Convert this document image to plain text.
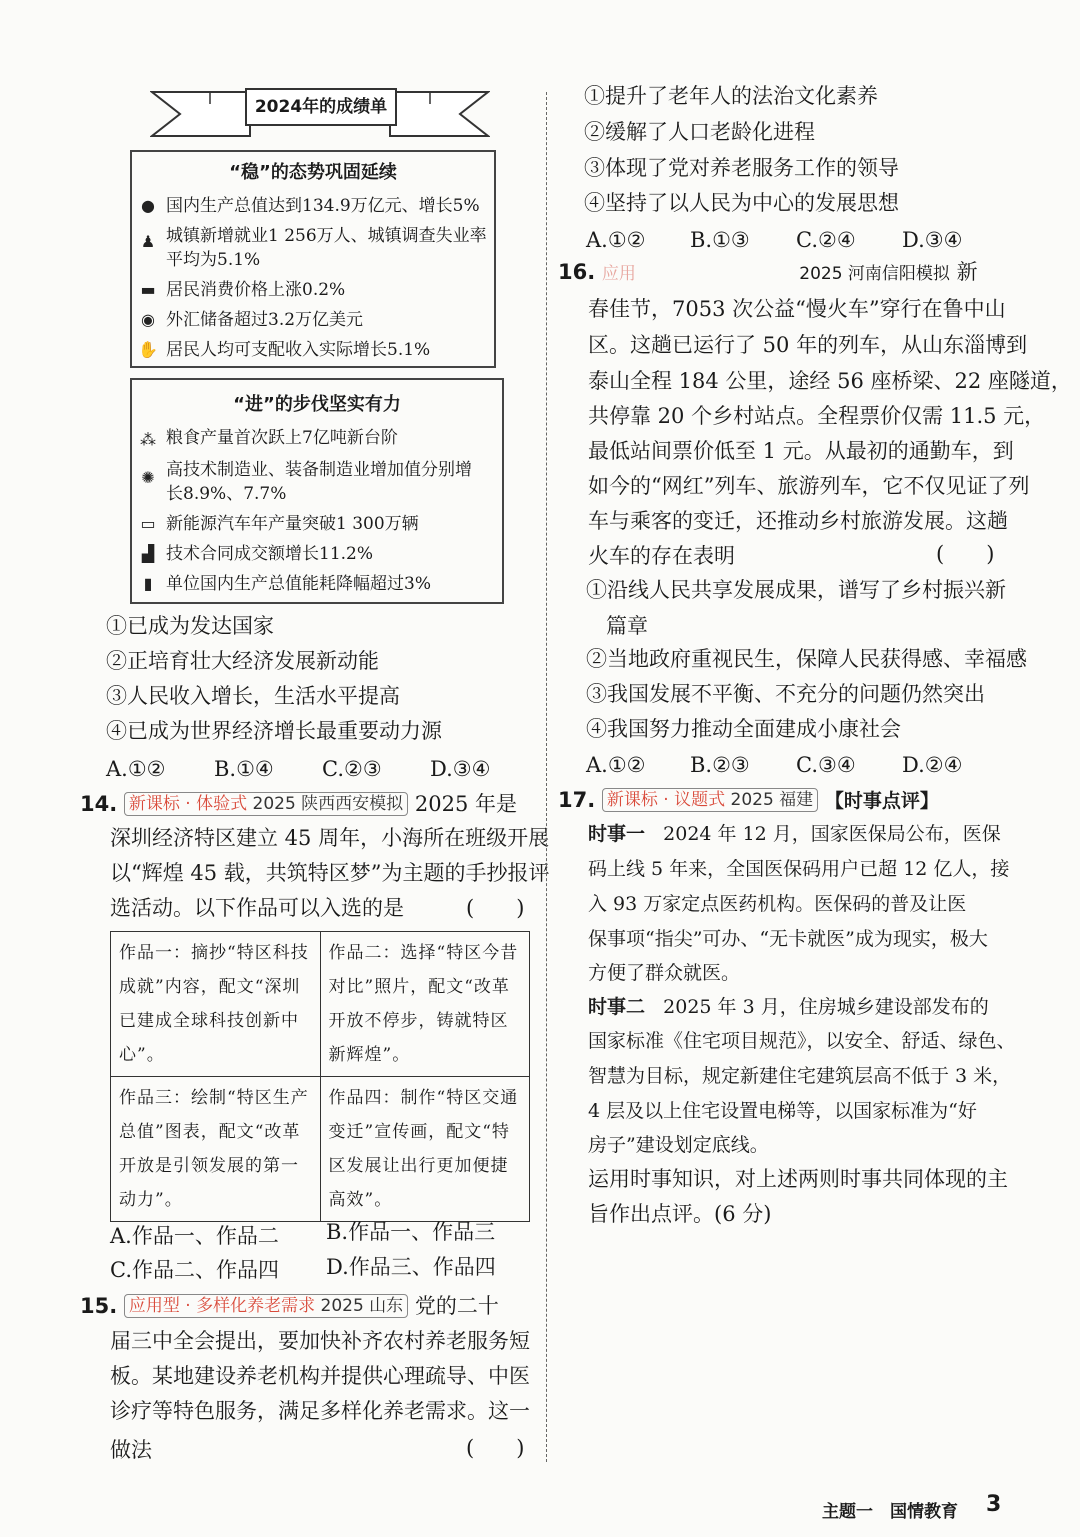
2024年的成绩单
“稳”的态势巩固延续
● 国内生产总值达到134.9万亿元、增长5%
♟ 城镇新增就业1 256万人、城镇调查失业率
平均为5.1%
▬ 居民消费价格上涨0.2%
◉ 外汇储备超过3.2万亿美元
✋ 居民人均可支配收入实际增长5.1%
“进”的步伐坚实有力
⁂ 粮食产量首次跃上7亿吨新台阶
✺ 高技术制造业、装备制造业增加值分别增
长8.9%、7.7%
▭ 新能源汽车年产量突破1 300万辆
▟ 技术合同成交额增长11.2%
▮ 单位国内生产总值能耗降幅超过3%
①已成为发达国家
②正培育壮大经济发展新动能
③人民收入增长，生活水平提高
④已成为世界经济增长最重要动力源
A.①② B.①④ C.②③ D.③④
14. 新课标 · 体验式 2025 陕西西安模拟 2025 年是
深圳经济特区建立 45 周年，小海所在班级开展
以“辉煌 45 载，共筑特区梦”为主题的手抄报评
选活动。以下作品可以入选的是	(　　)
作品一：摘抄“特区科技成就”内容，配文“深圳已建成全球科技创新中心”。	作品二：选择“特区今昔对比”照片，配文“改革开放不停步，铸就特区新辉煌”。
作品三：绘制“特区生产总值”图表，配文“改革开放是引领发展的第一动力”。	作品四：制作“特区交通变迁”宣传画，配文“特区发展让出行更加便捷高效”。
A.作品一、作品二 B.作品一、作品三
C.作品二、作品四 D.作品三、作品四
15. 应用型 · 多样化养老需求 2025 山东 党的二十
届三中全会提出，要加快补齐农村养老服务短
板。某地建设养老机构并提供心理疏导、中医
诊疗等特色服务，满足多样化养老需求。这一
做法	(　　)
①提升了老年人的法治文化素养
②缓解了人口老龄化进程
③体现了党对养老服务工作的领导
④坚持了以人民为中心的发展思想
A.①② B.①③ C.②④ D.③④
16. 应用	2025 河南信阳模拟 新
春佳节，7053 次公益“慢火车”穿行在鲁中山
区。这趟已运行了 50 年的列车，从山东淄博到
泰山全程 184 公里，途经 56 座桥梁、22 座隧道，
共停靠 20 个乡村站点。全程票价仅需 11.5 元，
最低站间票价低至 1 元。从最初的通勤车，到
如今的“网红”列车、旅游列车，它不仅见证了列
车与乘客的变迁，还推动乡村旅游发展。这趟
火车的存在表明	(　　)
①沿线人民共享发展成果，谱写了乡村振兴新
篇章
②当地政府重视民生，保障人民获得感、幸福感
③我国发展不平衡、不充分的问题仍然突出
④我国努力推动全面建成小康社会
A.①② B.②③ C.③④ D.②④
17. 新课标 · 议题式 2025 福建 【时事点评】
时事一 2024 年 12 月，国家医保局公布，医保
码上线 5 年来，全国医保码用户已超 12 亿人，接
入 93 万家定点医药机构。医保码的普及让医
保事项“指尖”可办、“无卡就医”成为现实，极大
方便了群众就医。
时事二 2025 年 3 月，住房城乡建设部发布的
国家标准《住宅项目规范》，以安全、舒适、绿色、
智慧为目标，规定新建住宅建筑层高不低于 3 米，
4 层及以上住宅设置电梯等，以国家标准为“好
房子”建设划定底线。
运用时事知识，对上述两则时事共同体现的主
旨作出点评。(6 分)
主题一 国情教育 3
